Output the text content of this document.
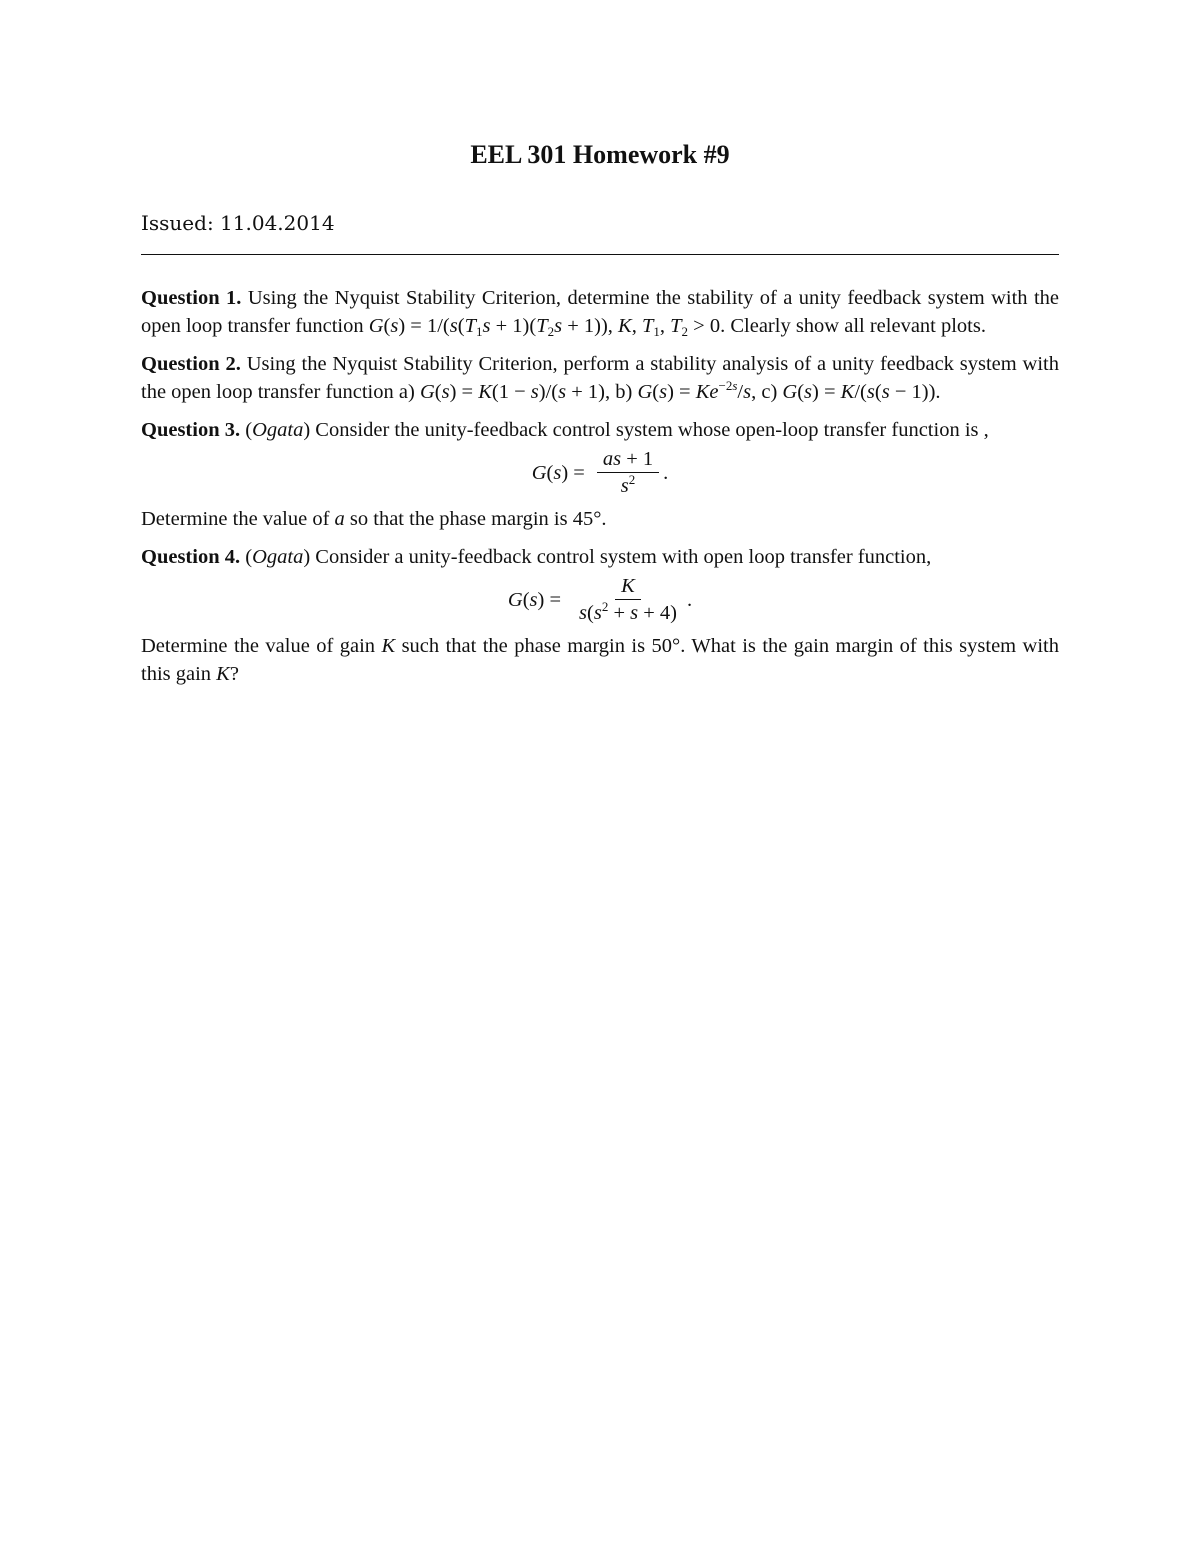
EEL 301 Homework #9
Issued: 11.04.2014

Question 1. Using the Nyquist Stability Criterion, determine the stability of a unity feedback system with the open loop transfer function $G(s) = 1/(s(T_1s + 1)(T_2s + 1))$, K, $T_1$, $T_2 > 0$. Clearly show all relevant plots.

Question 2. Using the Nyquist Stability Criterion, perform a stability analysis of a unity feedback system with the open loop transfer function a) G(s) = K(1 − s)/(s + 1), b) $G(s) = Ke^{-2s}/s$, c) G(s) = K/(s(s − 1)).

Question 3. (Ogata) Consider the unity-feedback control system whose open-loop transfer function is ,
$G(s) = \frac{as + 1}{s^2}$ .
Determine the value of a so that the phase margin is 45°.
Question 4. (Ogata) Consider a unity-feedback control system with open loop transfer function,
$G(s) = \frac{K}{s(s^2 + s + 4)}$ .
Determine the value of gain K such that the phase margin is 50°. What is the gain margin of this system with this gain K?
